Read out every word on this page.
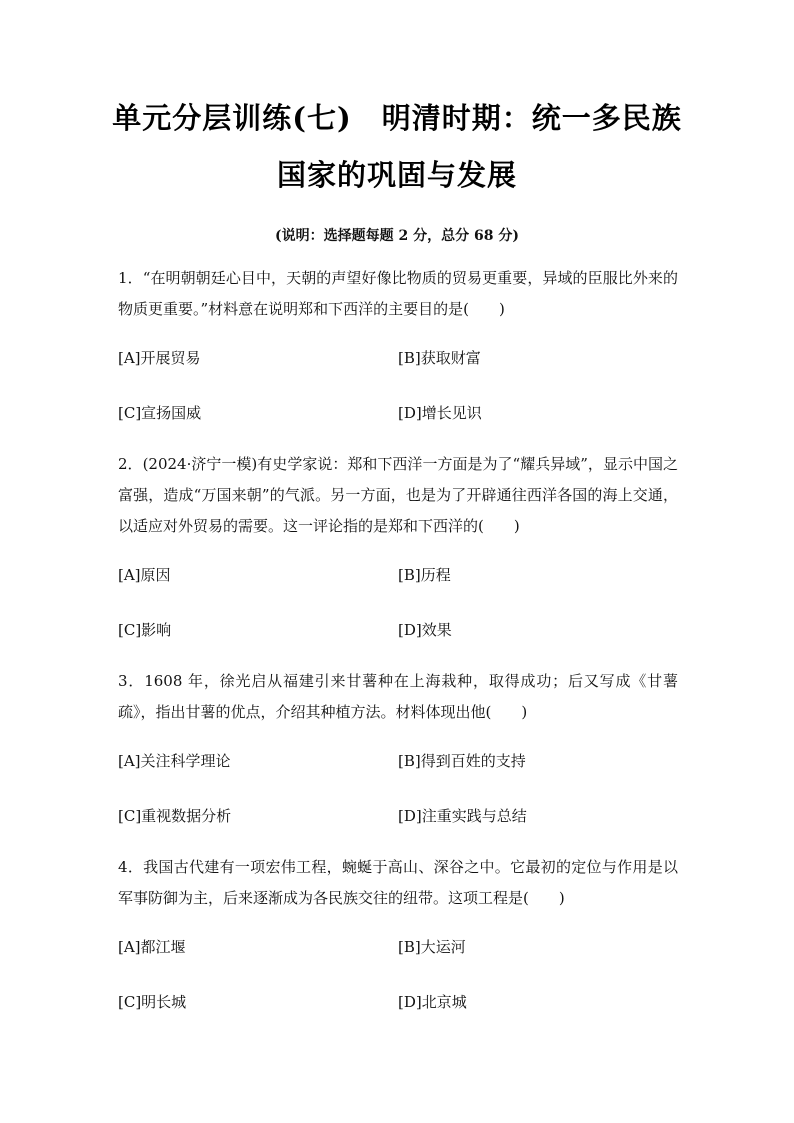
单元分层训练(七)　明清时期：统一多民族
国家的巩固与发展
(说明：选择题每题 2 分，总分 68 分)
1．“在明朝朝廷心目中，天朝的声望好像比物质的贸易更重要，异域的臣服比外来的物质更重要。”材料意在说明郑和下西洋的主要目的是(　　)
[A]开展贸易	[B]获取财富
[C]宣扬国威	[D]增长见识
2．(2024·济宁一模)有史学家说：郑和下西洋一方面是为了“耀兵异域”，显示中国之富强，造成“万国来朝”的气派。另一方面，也是为了开辟通往西洋各国的海上交通，以适应对外贸易的需要。这一评论指的是郑和下西洋的(　　)
[A]原因	[B]历程
[C]影响	[D]效果
3．1608 年，徐光启从福建引来甘薯种在上海栽种，取得成功；后又写成《甘薯疏》，指出甘薯的优点，介绍其种植方法。材料体现出他(　　)
[A]关注科学理论	[B]得到百姓的支持
[C]重视数据分析	[D]注重实践与总结
4．我国古代建有一项宏伟工程，蜿蜒于高山、深谷之中。它最初的定位与作用是以军事防御为主，后来逐渐成为各民族交往的纽带。这项工程是(　　)
[A]都江堰	[B]大运河
[C]明长城	[D]北京城
